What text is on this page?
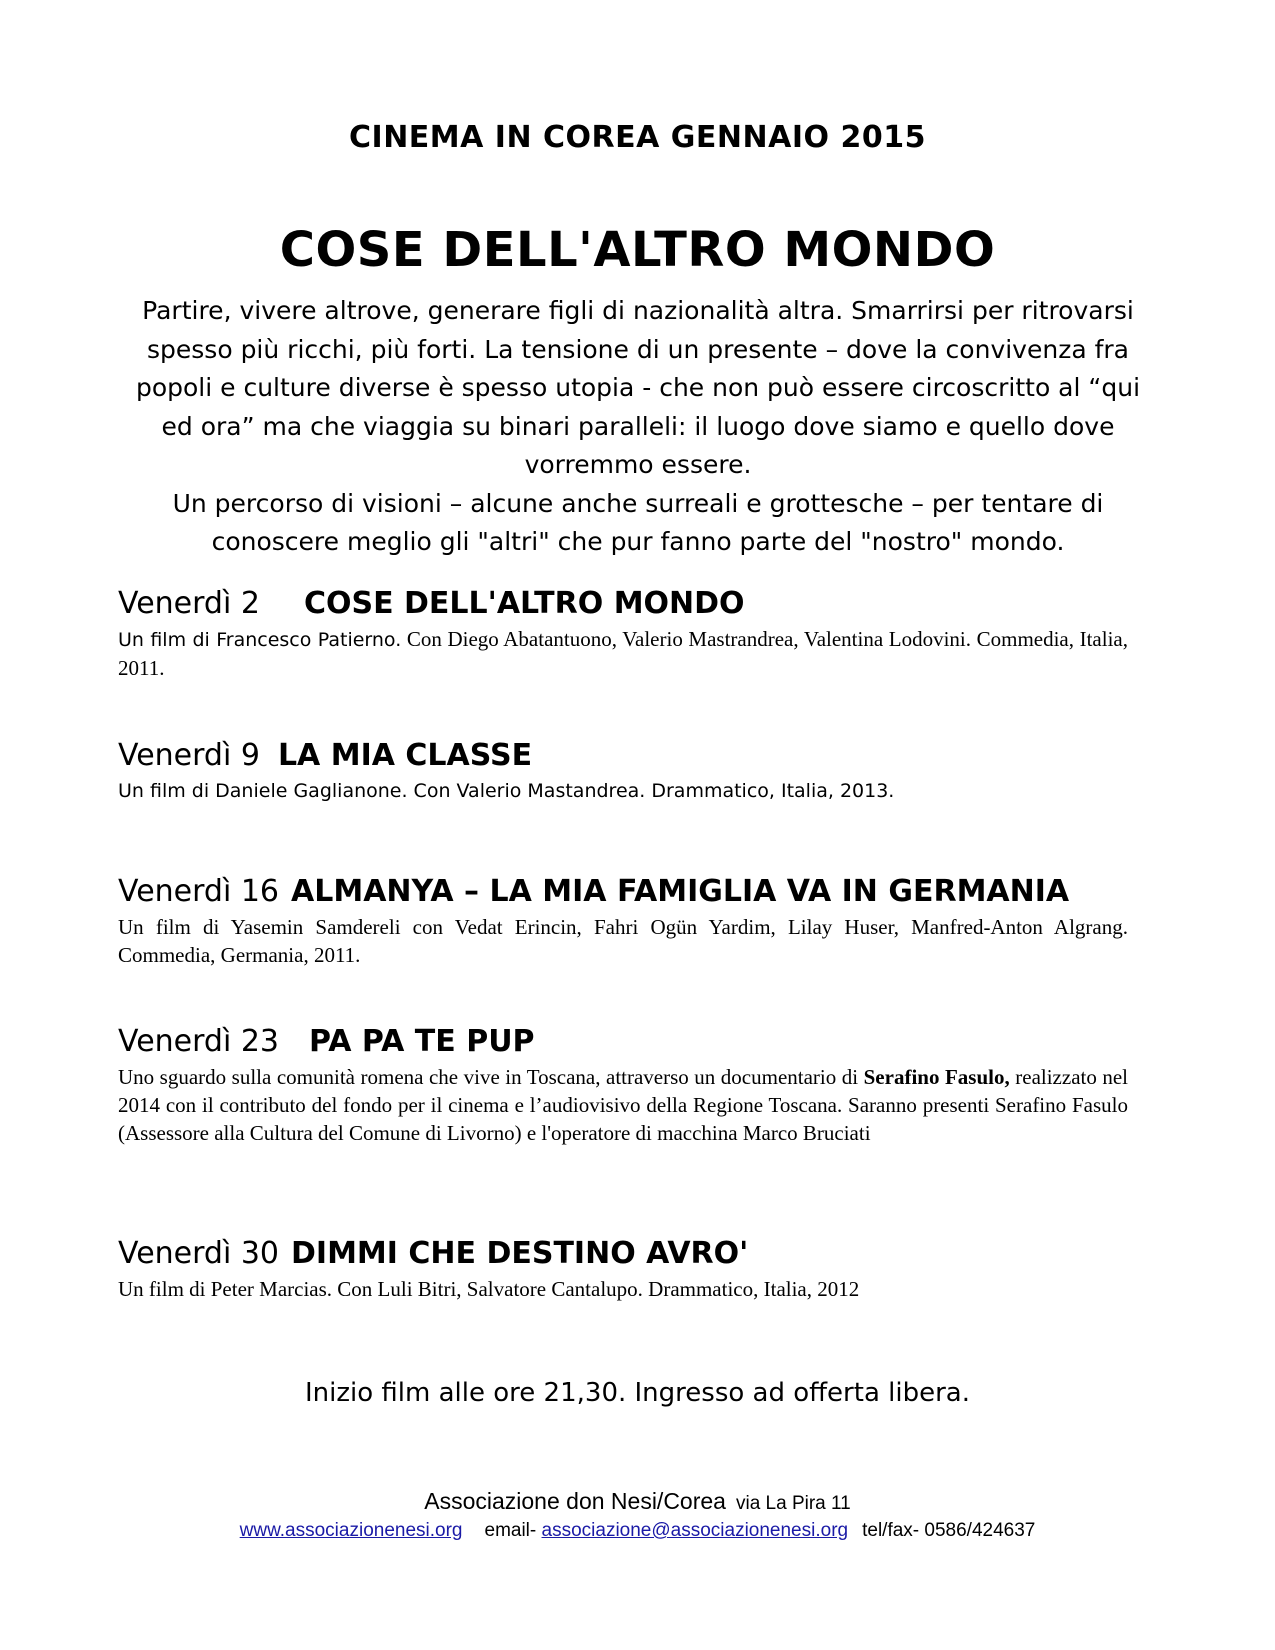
CINEMA IN COREA GENNAIO 2015
COSE DELL'ALTRO MONDO

Partire, vivere altrove, generare figli di nazionalità altra. Smarrirsi per ritrovarsi spesso più ricchi, più forti. La tensione di un presente – dove la convivenza fra popoli e culture diverse è spesso utopia - che non può essere circoscritto al “qui ed ora” ma che viaggia su binari paralleli: il luogo dove siamo e quello dove vorremmo essere.

Un percorso di visioni – alcune anche surreali e grottesche – per tentare di conoscere meglio gli "altri" che pur fanno parte del "nostro" mondo.

Venerdì 2 COSE DELL'ALTRO MONDO
Un film di Francesco Patierno. Con Diego Abatantuono, Valerio Mastrandrea, Valentina Lodovini. Commedia, Italia, 2011.
Venerdì 9 LA MIA CLASSE
Un film di Daniele Gaglianone. Con Valerio Mastandrea. Drammatico, Italia, 2013.
Venerdì 16 ALMANYA – LA MIA FAMIGLIA VA IN GERMANIA
Un film di Yasemin Samdereli con Vedat Erincin, Fahri Ogün Yardim, Lilay Huser, Manfred-Anton Algrang. Commedia, Germania, 2011.
Venerdì 23 PA PA TE PUP
Uno sguardo sulla comunità romena che vive in Toscana, attraverso un documentario di Serafino Fasulo, realizzato nel 2014 con il contributo del fondo per il cinema e l’audiovisivo della Regione Toscana. Saranno presenti Serafino Fasulo (Assessore alla Cultura del Comune di Livorno) e l'operatore di macchina Marco Bruciati
Venerdì 30 DIMMI CHE DESTINO AVRO'
Un film di Peter Marcias. Con Luli Bitri, Salvatore Cantalupo. Drammatico, Italia, 2012
Inizio film alle ore 21,30. Ingresso ad offerta libera.
Associazione don Nesi/Corea via La Pira 11
www.associazionenesi.org email- associazione@associazionenesi.org tel/fax- 0586/424637
